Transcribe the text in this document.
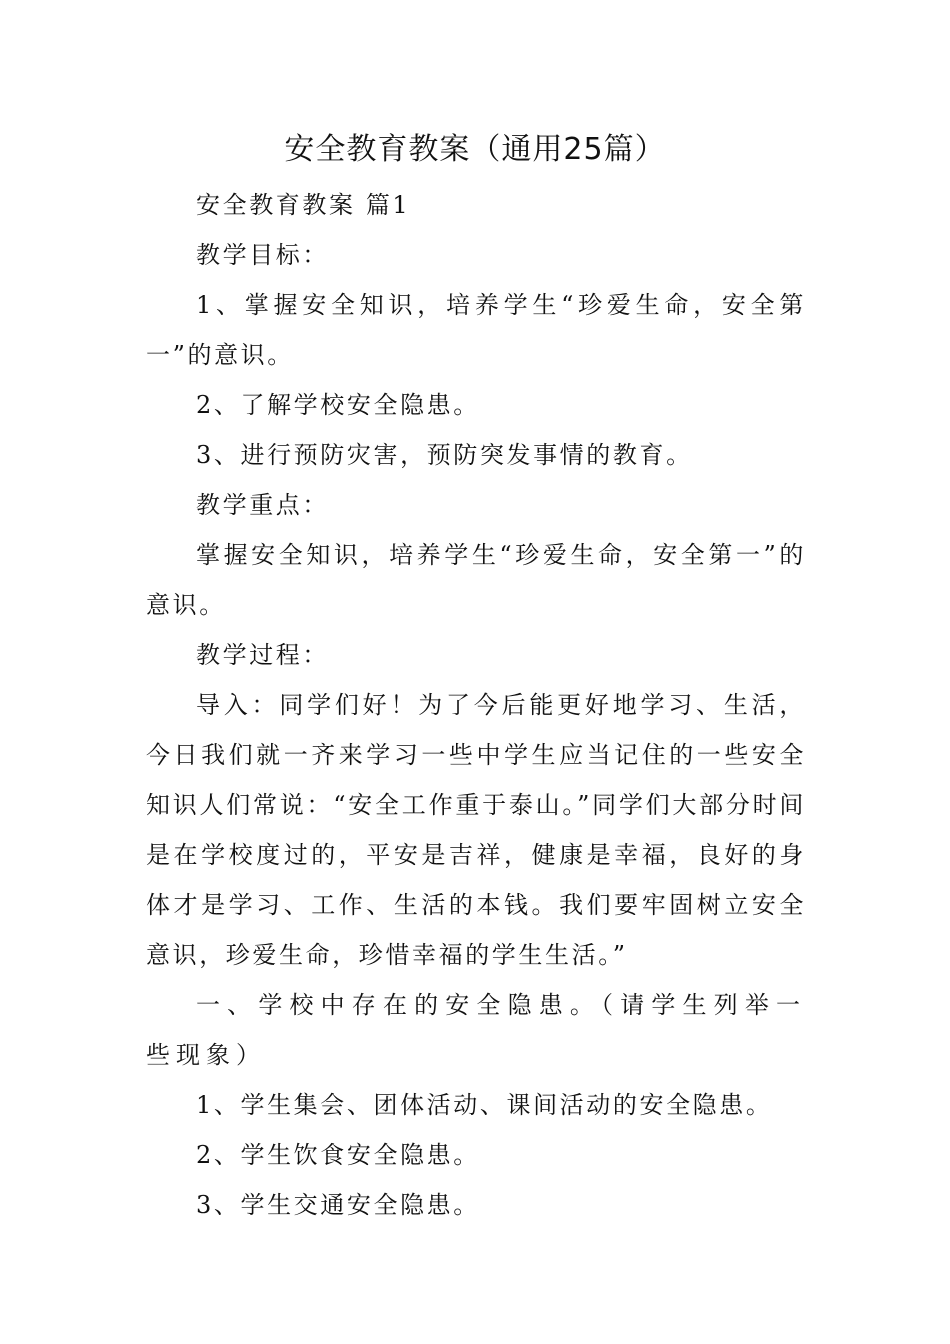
安全教育教案（通用25篇）

安全教育教案 篇1

教学目标：

1、掌握安全知识，培养学生“珍爱生命，安全第一”的意识。

2、了解学校安全隐患。

3、进行预防灾害，预防突发事情的教育。

教学重点：

掌握安全知识，培养学生“珍爱生命，安全第一”的意识。

教学过程：

导入：同学们好！为了今后能更好地学习、生活，今日我们就一齐来学习一些中学生应当记住的一些安全知识人们常说：“安全工作重于泰山。”同学们大部分时间是在学校度过的，平安是吉祥，健康是幸福，良好的身体才是学习、工作、生活的本钱。我们要牢固树立安全意识，珍爱生命，珍惜幸福的学生生活。”

一、学校中存在的安全隐患。（请学生列举一些现象）

1、学生集会、团体活动、课间活动的安全隐患。

2、学生饮食安全隐患。

3、学生交通安全隐患。
